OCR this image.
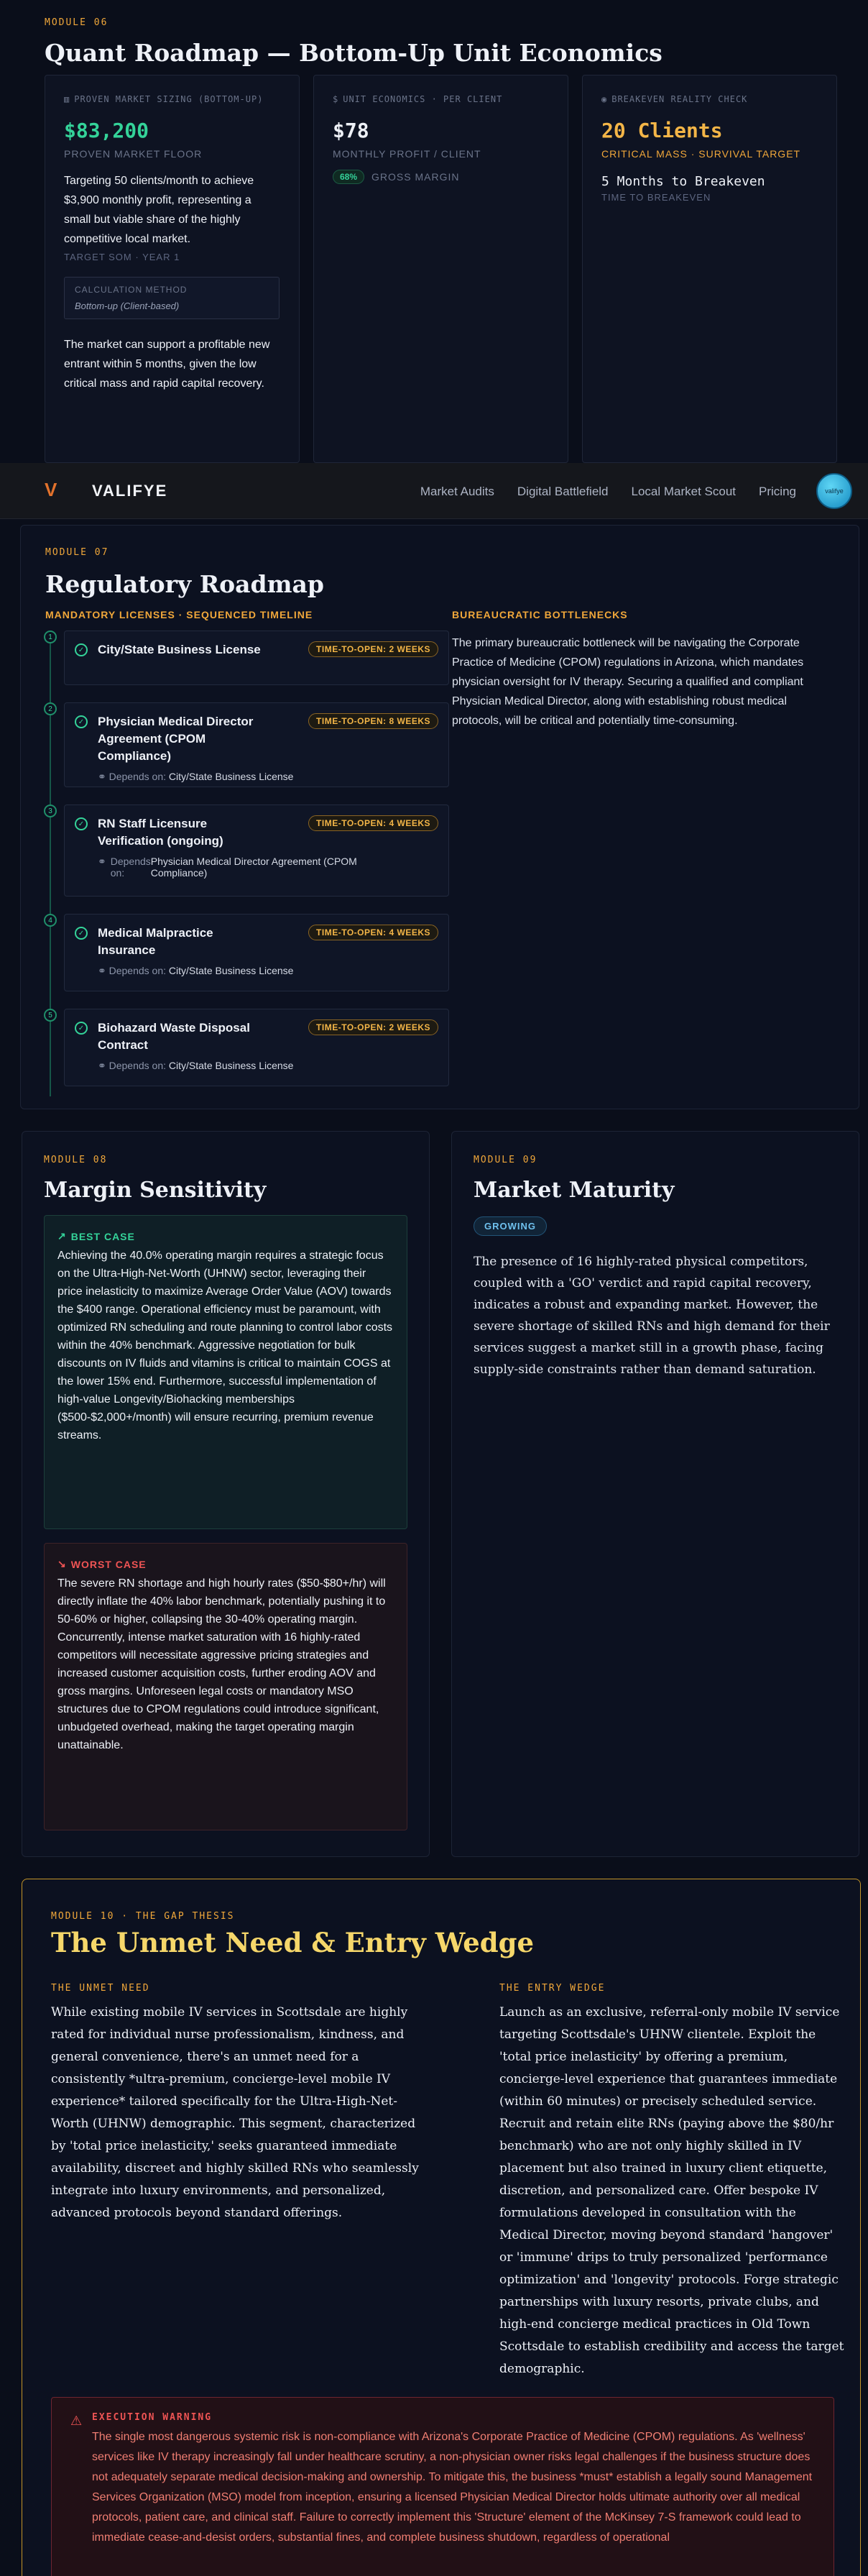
MODULE 06
Quant Roadmap — Bottom-Up Unit Economics
▥ PROVEN MARKET SIZING (BOTTOM-UP)
$83,200
PROVEN MARKET FLOOR
Targeting 50 clients/month to achieve $3,900 monthly profit, representing a small but viable share of the highly competitive local market.
TARGET SOM · YEAR 1
CALCULATION METHOD
Bottom-up (Client-based)
The market can support a profitable new entrant within 5 months, given the low critical mass and rapid capital recovery.
$ UNIT ECONOMICS · PER CLIENT
$78
MONTHLY PROFIT / CLIENT
68%	GROSS MARGIN
◉ BREAKEVEN REALITY CHECK
20 Clients
CRITICAL MASS · SURVIVAL TARGET
5 Months to Breakeven
TIME TO BREAKEVEN
V VALIFYE	Market Audits Digital Battlefield Local Market Scout Pricing	valifye
MODULE 07
Regulatory Roadmap
MANDATORY LICENSES · SEQUENCED TIMELINE	BUREAUCRATIC BOTTLENECKS
1
✓ City/State Business License	TIME-TO-OPEN: 2 WEEKS
2
✓ Physician Medical Director Agreement (CPOM Compliance)
TIME-TO-OPEN: 8 WEEKS
⚭ Depends on: City/State Business License
3
✓ RN Staff Licensure Verification (ongoing)
TIME-TO-OPEN: 4 WEEKS
⚭ Depends on:
Physician Medical Director Agreement (CPOM Compliance)
4
✓ Medical Malpractice Insurance
TIME-TO-OPEN: 4 WEEKS
⚭ Depends on: City/State Business License
5
✓ Biohazard Waste Disposal Contract
TIME-TO-OPEN: 2 WEEKS
⚭ Depends on: City/State Business License
The primary bureaucratic bottleneck will be navigating the Corporate Practice of Medicine (CPOM) regulations in Arizona, which mandates physician oversight for IV therapy. Securing a qualified and compliant Physician Medical Director, along with establishing robust medical protocols, will be critical and potentially time-consuming.
MODULE 08
Margin Sensitivity
↗ BEST CASE

Achieving the 40.0% operating margin requires a strategic focus on the Ultra-High-Net-Worth (UHNW) sector, leveraging their price inelasticity to maximize Average Order Value (AOV) towards the $400 range. Operational efficiency must be paramount, with optimized RN scheduling and route planning to control labor costs within the 40% benchmark. Aggressive negotiation for bulk discounts on IV fluids and vitamins is critical to maintain COGS at the lower 15% end. Furthermore, successful implementation of high-value Longevity/Biohacking memberships ($500-$2,000+/month) will ensure recurring, premium revenue streams.

↘ WORST CASE

The severe RN shortage and high hourly rates ($50-$80+/hr) will directly inflate the 40% labor benchmark, potentially pushing it to 50-60% or higher, collapsing the 30-40% operating margin. Concurrently, intense market saturation with 16 highly-rated competitors will necessitate aggressive pricing strategies and increased customer acquisition costs, further eroding AOV and gross margins. Unforeseen legal costs or mandatory MSO structures due to CPOM regulations could introduce significant, unbudgeted overhead, making the target operating margin unattainable.

MODULE 09
Market Maturity
GROWING
The presence of 16 highly-rated physical competitors, coupled with a 'GO' verdict and rapid capital recovery, indicates a robust and expanding market. However, the severe shortage of skilled RNs and high demand for their services suggest a market still in a growth phase, facing supply-side constraints rather than demand saturation.
MODULE 10 · THE GAP THESIS
The Unmet Need & Entry Wedge
THE UNMET NEED
While existing mobile IV services in Scottsdale are highly rated for individual nurse professionalism, kindness, and general convenience, there's an unmet need for a consistently *ultra-premium, concierge-level mobile IV experience* tailored specifically for the Ultra-High-Net-Worth (UHNW) demographic. This segment, characterized by 'total price inelasticity,' seeks guaranteed immediate availability, discreet and highly skilled RNs who seamlessly integrate into luxury environments, and personalized, advanced protocols beyond standard offerings.
THE ENTRY WEDGE
Launch as an exclusive, referral-only mobile IV service targeting Scottsdale's UHNW clientele. Exploit the 'total price inelasticity' by offering a premium, concierge-level experience that guarantees immediate (within 60 minutes) or precisely scheduled service. Recruit and retain elite RNs (paying above the $80/hr benchmark) who are not only highly skilled in IV placement but also trained in luxury client etiquette, discretion, and personalized care. Offer bespoke IV formulations developed in consultation with the Medical Director, moving beyond standard 'hangover' or 'immune' drips to truly personalized 'performance optimization' and 'longevity' protocols. Forge strategic partnerships with luxury resorts, private clubs, and high-end concierge medical practices in Old Town Scottsdale to establish credibility and access the target demographic.
⚠ EXECUTION WARNING
The single most dangerous systemic risk is non-compliance with Arizona's Corporate Practice of Medicine (CPOM) regulations. As 'wellness' services like IV therapy increasingly fall under healthcare scrutiny, a non-physician owner risks legal challenges if the business structure does not adequately separate medical decision-making and ownership. To mitigate this, the business *must* establish a legally sound Management Services Organization (MSO) model from inception, ensuring a licensed Physician Medical Director holds ultimate authority over all medical protocols, patient care, and clinical staff. Failure to correctly implement this 'Structure' element of the McKinsey 7-S framework could lead to immediate cease-and-desist orders, substantial fines, and complete business shutdown, regardless of operational
